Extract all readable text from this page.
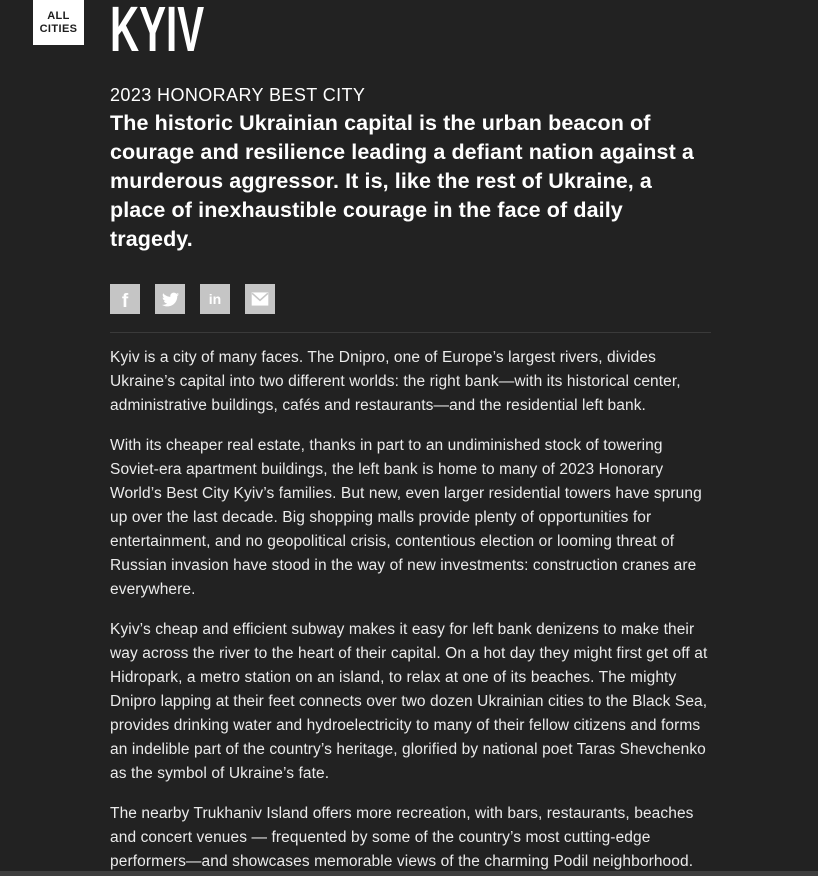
ALL CITIES KYIV
2023 HONORARY BEST CITY

The historic Ukrainian capital is the urban beacon of courage and resilience leading a defiant nation against a murderous aggressor. It is, like the rest of Ukraine, a place of inexhaustible courage in the face of daily tragedy.

f	in

Kyiv is a city of many faces. The Dnipro, one of Europe’s largest rivers, divides Ukraine’s capital into two different worlds: the right bank—with its historical center, administrative buildings, cafés and restaurants—and the residential left bank.

With its cheaper real estate, thanks in part to an undiminished stock of towering Soviet-era apartment buildings, the left bank is home to many of 2023 Honorary World’s Best City Kyiv’s families. But new, even larger residential towers have sprung up over the last decade. Big shopping malls provide plenty of opportunities for entertainment, and no geopolitical crisis, contentious election or looming threat of Russian invasion have stood in the way of new investments: construction cranes are everywhere.

Kyiv’s cheap and efficient subway makes it easy for left bank denizens to make their way across the river to the heart of their capital. On a hot day they might first get off at Hidropark, a metro station on an island, to relax at one of its beaches. The mighty Dnipro lapping at their feet connects over two dozen Ukrainian cities to the Black Sea, provides drinking water and hydroelectricity to many of their fellow citizens and forms an indelible part of the country’s heritage, glorified by national poet Taras Shevchenko as the symbol of Ukraine’s fate.

The nearby Trukhaniv Island offers more recreation, with bars, restaurants, beaches and concert venues — frequented by some of the country’s most cutting-edge performers—and showcases memorable views of the charming Podil neighborhood.
